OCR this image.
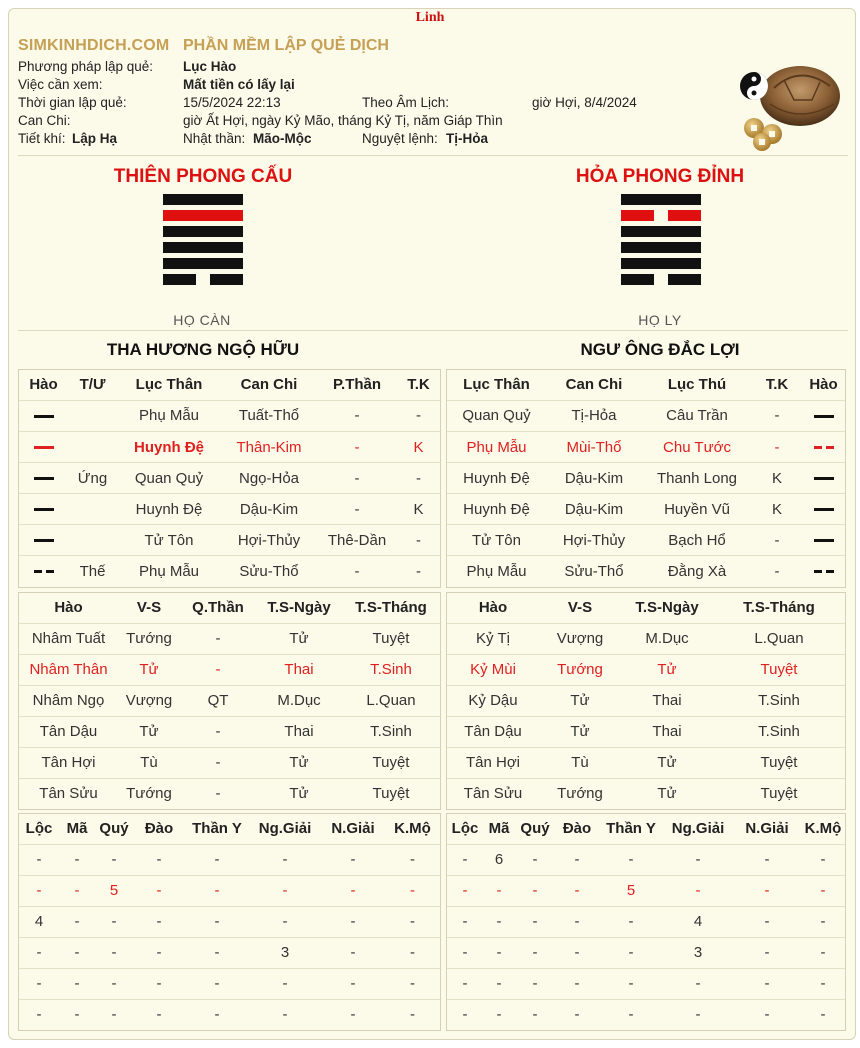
Linh
SIMKINHDICH.COM PHẦN MỀM LẬP QUẺ DỊCH
Phương pháp lập quẻ: Lục Hào
Việc cần xem:	Mất tiền có lấy lại
Thời gian lập quẻ:	15/5/2024 22:13	Theo Âm Lịch:	giờ Hợi, 8/4/2024
Can Chi:	giờ Ất Hợi, ngày Kỷ Mão, tháng Kỷ Tị, năm Giáp Thìn
Tiết khí: Lập Hạ	Nhật thần: Mão-Mộc	Nguyệt lệnh: Tị-Hỏa
THIÊN PHONG CẤU	HỎA PHONG ĐỈNH
HỌ CÀN	HỌ LY
THA HƯƠNG NGỘ HỮU	NGƯ ÔNG ĐẮC LỢI
Hào	T/Ư	Lục Thân	Can Chi	P.Thần	T.K
		Phụ Mẫu	Tuất-Thổ	-	-
		Huynh Đệ	Thân-Kim	-	K
	Ứng	Quan Quỷ	Ngọ-Hỏa	-	-
		Huynh Đệ	Dậu-Kim	-	K
		Tử Tôn	Hợi-Thủy	Thê-Dần	-
	Thế	Phụ Mẫu	Sửu-Thổ	-	-
Lục Thân	Can Chi	Lục Thú	T.K	Hào
Quan Quỷ	Tị-Hỏa	Câu Trần	-	
Phụ Mẫu	Mùi-Thổ	Chu Tước	-	
Huynh Đệ	Dậu-Kim	Thanh Long	K	
Huynh Đệ	Dậu-Kim	Huyền Vũ	K	
Tử Tôn	Hợi-Thủy	Bạch Hổ	-	
Phụ Mẫu	Sửu-Thổ	Đằng Xà	-	
Hào	V-S	Q.Thần	T.S-Ngày	T.S-Tháng
Nhâm Tuất	Tướng	-	Tử	Tuyệt
Nhâm Thân	Tử	-	Thai	T.Sinh
Nhâm Ngọ	Vượng	QT	M.Dục	L.Quan
Tân Dậu	Tử	-	Thai	T.Sinh
Tân Hợi	Tù	-	Tử	Tuyệt
Tân Sửu	Tướng	-	Tử	Tuyệt
Hào	V-S	T.S-Ngày	T.S-Tháng
Kỷ Tị	Vượng	M.Dục	L.Quan
Kỷ Mùi	Tướng	Tử	Tuyệt
Kỷ Dậu	Tử	Thai	T.Sinh
Tân Dậu	Tử	Thai	T.Sinh
Tân Hợi	Tù	Tử	Tuyệt
Tân Sửu	Tướng	Tử	Tuyệt
Lộc	Mã	Quý	Đào	Thần Y	Ng.Giải	N.Giải	K.Mộ
-	-	-	-	-	-	-	-
-	-	5	-	-	-	-	-
4	-	-	-	-	-	-	-
-	-	-	-	-	3	-	-
-	-	-	-	-	-	-	-
-	-	-	-	-	-	-	-
Lộc	Mã	Quý	Đào	Thần Y	Ng.Giải	N.Giải	K.Mộ
-	6	-	-	-	-	-	-
-	-	-	-	5	-	-	-
-	-	-	-	-	4	-	-
-	-	-	-	-	3	-	-
-	-	-	-	-	-	-	-
-	-	-	-	-	-	-	-
